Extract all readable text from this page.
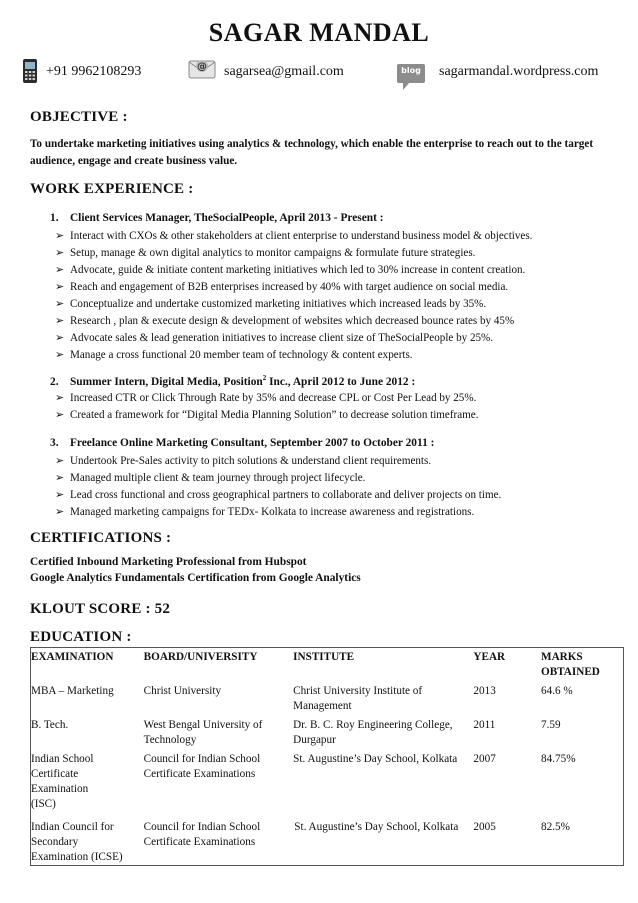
SAGAR MANDAL
+91 9962108293	@ sagarsea@gmail.com	blog	sagarmandal.wordpress.com
OBJECTIVE :
To undertake marketing initiatives using analytics & technology, which enable the enterprise to reach out to the target audience, engage and create business value.
WORK EXPERIENCE :
1. Client Services Manager, TheSocialPeople, April 2013 - Present :
➢ Interact with CXOs & other stakeholders at client enterprise to understand business model & objectives.
➢ Setup, manage & own digital analytics to monitor campaigns & formulate future strategies.
➢ Advocate, guide & initiate content marketing initiatives which led to 30% increase in content creation.
➢ Reach and engagement of B2B enterprises increased by 40% with target audience on social media.
➢ Conceptualize and undertake customized marketing initiatives which increased leads by 35%.
➢ Research , plan & execute design & development of websites which decreased bounce rates by 45%
➢ Advocate sales & lead generation initiatives to increase client size of TheSocialPeople by 25%.
➢ Manage a cross functional 20 member team of technology & content experts.
2. Summer Intern, Digital Media, Position$^2$ Inc., April 2012 to June 2012 :
➢ Increased CTR or Click Through Rate by 35% and decrease CPL or Cost Per Lead by 25%.
➢ Created a framework for “Digital Media Planning Solution” to decrease solution timeframe.
3. Freelance Online Marketing Consultant, September 2007 to October 2011 :
➢ Undertook Pre-Sales activity to pitch solutions & understand client requirements.
➢ Managed multiple client & team journey through project lifecycle.
➢ Lead cross functional and cross geographical partners to collaborate and deliver projects on time.
➢ Managed marketing campaigns for TEDx- Kolkata to increase awareness and registrations.
CERTIFICATIONS :
Certified Inbound Marketing Professional from Hubspot
Google Analytics Fundamentals Certification from Google Analytics
KLOUT SCORE : 52
EDUCATION :
EXAMINATION	BOARD/UNIVERSITY	INSTITUTE	YEAR	MARKS OBTAINED
MBA – Marketing	Christ University	Christ University Institute of Management	2013	64.6 %
B. Tech.	West Bengal University of Technology	Dr. B. C. Roy Engineering College, Durgapur	2011	7.59
Indian School Certificate Examination (ISC)	Council for Indian School Certificate Examinations	St. Augustine’s Day School, Kolkata	2007	84.75%
Indian Council for Secondary Examination (ICSE)	Council for Indian School Certificate Examinations	St. Augustine’s Day School, Kolkata	2005	82.5%
